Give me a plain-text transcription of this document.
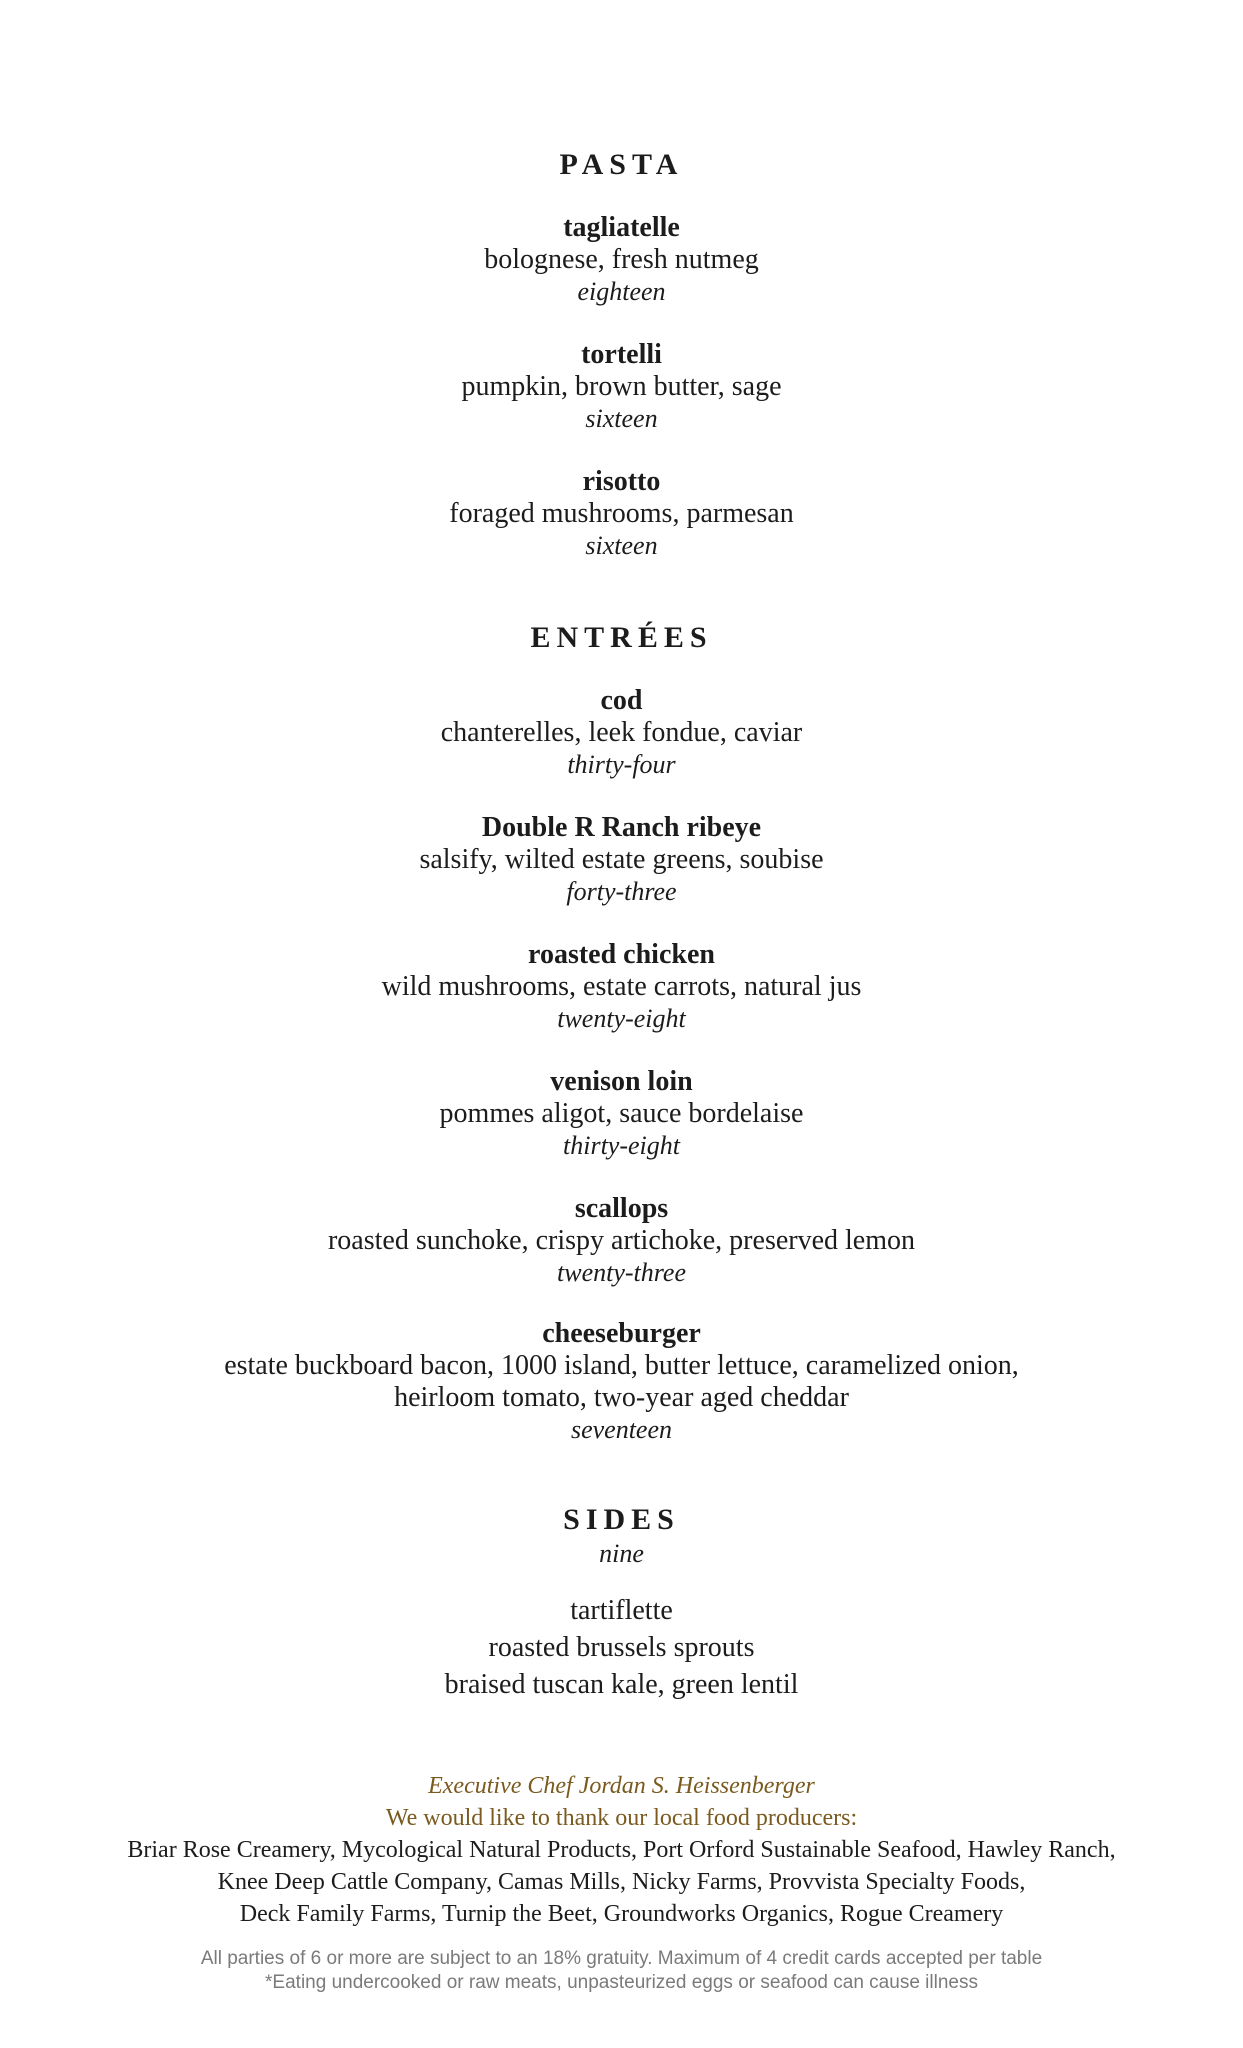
PASTA
tagliatelle
bolognese, fresh nutmeg
eighteen
tortelli
pumpkin, brown butter, sage
sixteen
risotto
foraged mushrooms, parmesan
sixteen
ENTRÉES
cod
chanterelles, leek fondue, caviar
thirty-four
Double R Ranch ribeye
salsify, wilted estate greens, soubise
forty-three
roasted chicken
wild mushrooms, estate carrots, natural jus
twenty-eight
venison loin
pommes aligot, sauce bordelaise
thirty-eight
scallops
roasted sunchoke, crispy artichoke, preserved lemon
twenty-three
cheeseburger
estate buckboard bacon, 1000 island, butter lettuce, caramelized onion,
heirloom tomato, two-year aged cheddar
seventeen
SIDES
nine
tartiflette
roasted brussels sprouts
braised tuscan kale, green lentil
Executive Chef Jordan S. Heissenberger
We would like to thank our local food producers:
Briar Rose Creamery, Mycological Natural Products, Port Orford Sustainable Seafood, Hawley Ranch,
Knee Deep Cattle Company, Camas Mills, Nicky Farms, Provvista Specialty Foods,
Deck Family Farms, Turnip the Beet, Groundworks Organics, Rogue Creamery
All parties of 6 or more are subject to an 18% gratuity. Maximum of 4 credit cards accepted per table
*Eating undercooked or raw meats, unpasteurized eggs or seafood can cause illness
